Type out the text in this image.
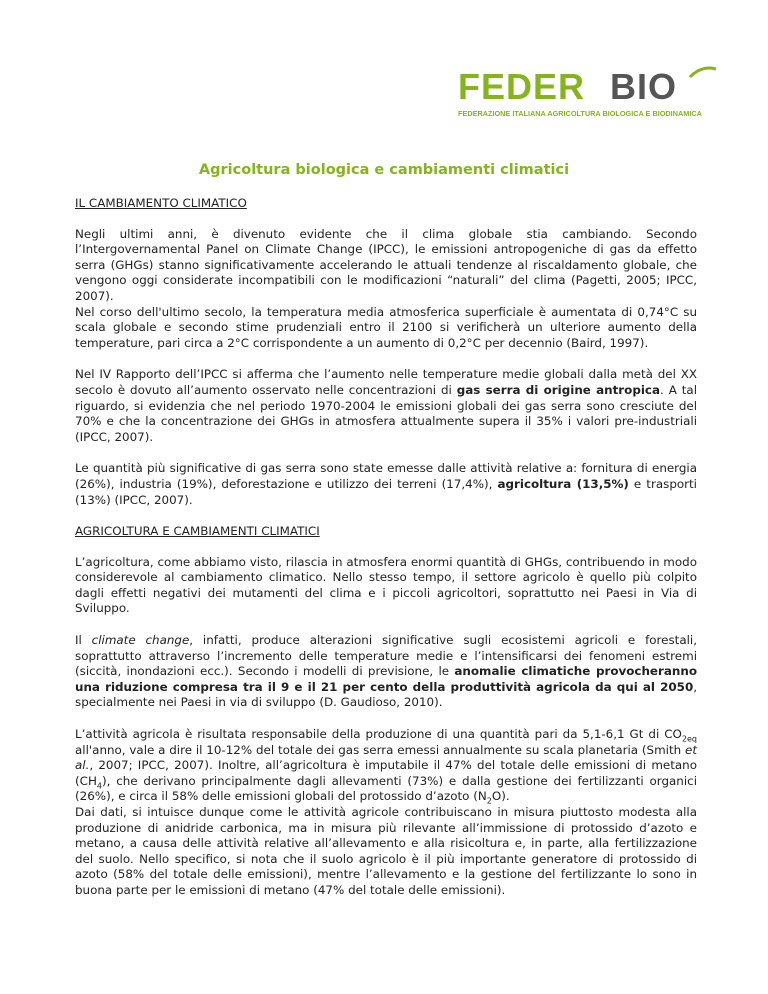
FEDER BIO
FEDERAZIONE ITALIANA AGRICOLTURA BIOLOGICA E BIODINAMICA
Agricoltura biologica e cambiamenti climatici
IL CAMBIAMENTO CLIMATICO

Negli ultimi anni, è divenuto evidente che il clima globale stia cambiando. Secondo l’Intergovernamental Panel on Climate Change (IPCC), le emissioni antropogeniche di gas da effetto serra (GHGs) stanno significativamente accelerando le attuali tendenze al riscaldamento globale, che vengono oggi considerate incompatibili con le modificazioni “naturali” del clima (Pagetti, 2005; IPCC, 2007).

Nel corso dell'ultimo secolo, la temperatura media atmosferica superficiale è aumentata di 0,74°C su scala globale e secondo stime prudenziali entro il 2100 si verificherà un ulteriore aumento della temperature, pari circa a 2°C corrispondente a un aumento di 0,2°C per decennio (Baird, 1997).

Nel IV Rapporto dell’IPCC si afferma che l’aumento nelle temperature medie globali dalla metà del XX secolo è dovuto all’aumento osservato nelle concentrazioni di gas serra di origine antropica. A tal riguardo, si evidenzia che nel periodo 1970-2004 le emissioni globali dei gas serra sono cresciute del 70% e che la concentrazione dei GHGs in atmosfera attualmente supera il 35% i valori pre-industriali (IPCC, 2007).

Le quantità più significative di gas serra sono state emesse dalle attività relative a: fornitura di energia (26%), industria (19%), deforestazione e utilizzo dei terreni (17,4%), agricoltura (13,5%) e trasporti (13%) (IPCC, 2007).

AGRICOLTURA E CAMBIAMENTI CLIMATICI

L’agricoltura, come abbiamo visto, rilascia in atmosfera enormi quantità di GHGs, contribuendo in modo considerevole al cambiamento climatico. Nello stesso tempo, il settore agricolo è quello più colpito dagli effetti negativi dei mutamenti del clima e i piccoli agricoltori, soprattutto nei Paesi in Via di Sviluppo.

Il climate change, infatti, produce alterazioni significative sugli ecosistemi agricoli e forestali, soprattutto attraverso l’incremento delle temperature medie e l’intensificarsi dei fenomeni estremi (siccità, inondazioni ecc.). Secondo i modelli di previsione, le anomalie climatiche provocheranno una riduzione compresa tra il 9 e il 21 per cento della produttività agricola da qui al 2050, specialmente nei Paesi in via di sviluppo (D. Gaudioso, 2010).

L’attività agricola è risultata responsabile della produzione di una quantità pari da 5,1-6,1 Gt di $CO_{2eq}$ all'anno, vale a dire il 10-12% del totale dei gas serra emessi annualmente su scala planetaria (Smith et al., 2007; IPCC, 2007). Inoltre, all’agricoltura è imputabile il 47% del totale delle emissioni di metano $(CH_4)$, che derivano principalmente dagli allevamenti (73%) e dalla gestione dei fertilizzanti organici (26%), e circa il 58% delle emissioni globali del protossido d’azoto $(N_2O)$.

Dai dati, si intuisce dunque come le attività agricole contribuiscano in misura piuttosto modesta alla produzione di anidride carbonica, ma in misura più rilevante all’immissione di protossido d’azoto e metano, a causa delle attività relative all’allevamento e alla risicoltura e, in parte, alla fertilizzazione del suolo. Nello specifico, si nota che il suolo agricolo è il più importante generatore di protossido di azoto (58% del totale delle emissioni), mentre l’allevamento e la gestione del fertilizzante lo sono in buona parte per le emissioni di metano (47% del totale delle emissioni).
